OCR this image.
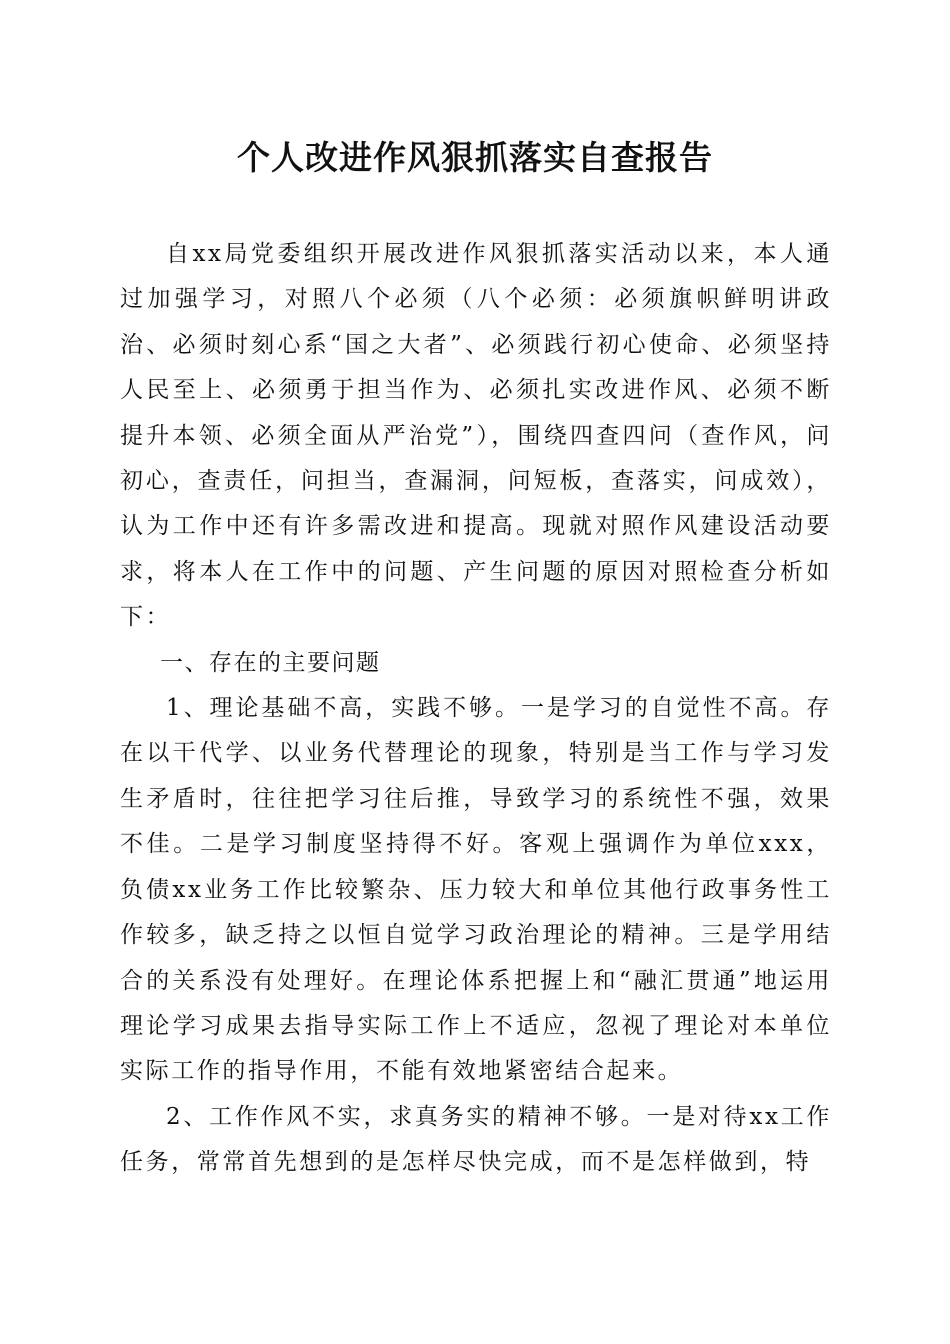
个人改进作风狠抓落实自查报告

自xx局党委组织开展改进作风狠抓落实活动以来，本人通过加强学习，对照八个必须（八个必须：必须旗帜鲜明讲政治、必须时刻心系“国之大者”、必须践行初心使命、必须坚持人民至上、必须勇于担当作为、必须扎实改进作风、必须不断提升本领、必须全面从严治党”），围绕四查四问（查作风，问初心，查责任，问担当，查漏洞，问短板，查落实，问成效），认为工作中还有许多需改进和提高。现就对照作风建设活动要求，将本人在工作中的问题、产生问题的原因对照检查分析如下：

一、存在的主要问题

1、理论基础不高，实践不够。一是学习的自觉性不高。存在以干代学、以业务代替理论的现象，特别是当工作与学习发生矛盾时，往往把学习往后推，导致学习的系统性不强，效果不佳。二是学习制度坚持得不好。客观上强调作为单位xxx，负债xx业务工作比较繁杂、压力较大和单位其他行政事务性工作较多，缺乏持之以恒自觉学习政治理论的精神。三是学用结合的关系没有处理好。在理论体系把握上和“融汇贯通”地运用理论学习成果去指导实际工作上不适应，忽视了理论对本单位实际工作的指导作用，不能有效地紧密结合起来。

2、工作作风不实，求真务实的精神不够。一是对待xx工作任务，常常首先想到的是怎样尽快完成，而不是怎样做到，特
